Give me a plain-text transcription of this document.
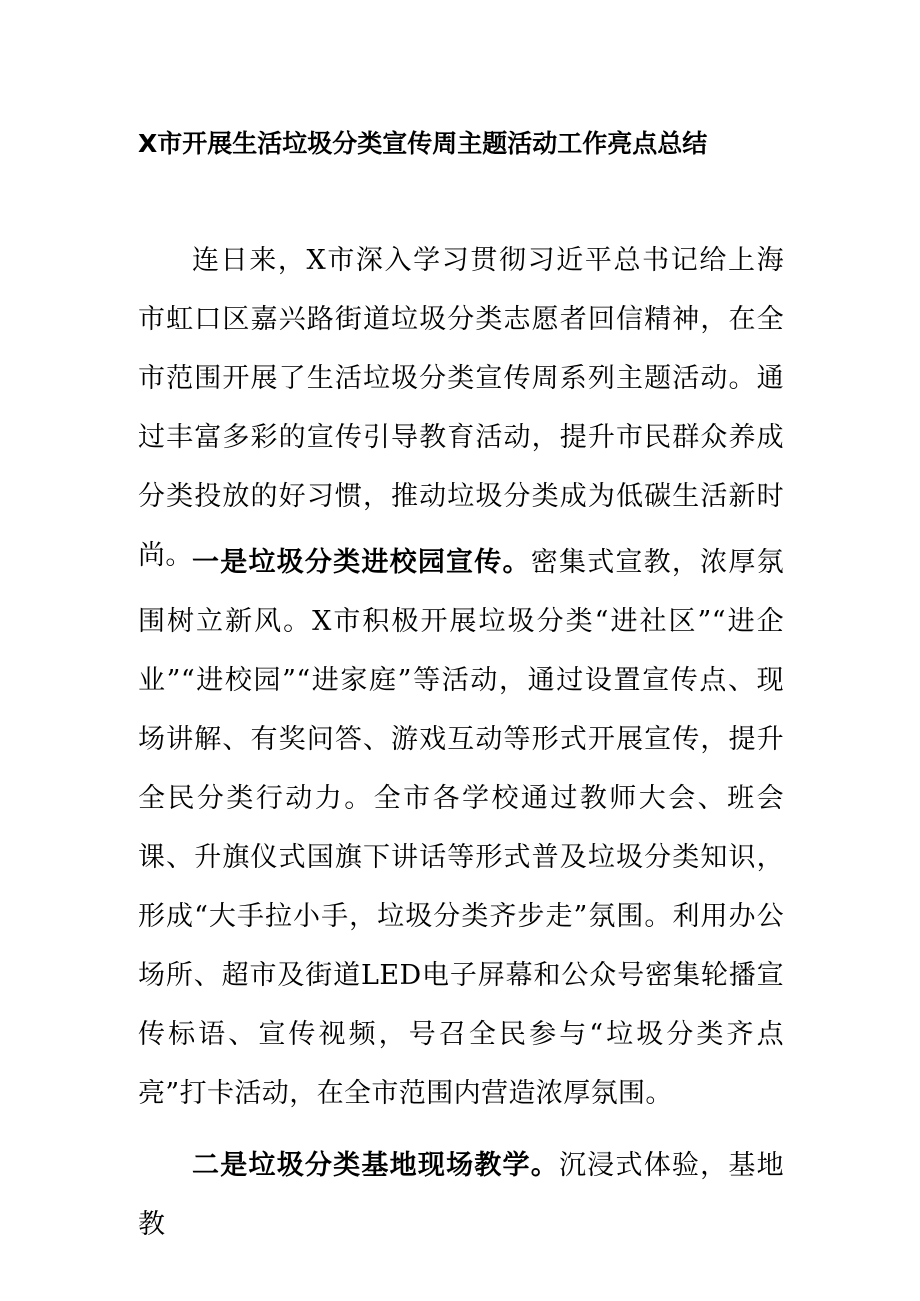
X市开展生活垃圾分类宣传周主题活动工作亮点总结

连日来，X市深入学习贯彻习近平总书记给上海市虹口区嘉兴路街道垃圾分类志愿者回信精神，在全市范围开展了生活垃圾分类宣传周系列主题活动。通过丰富多彩的宣传引导教育活动，提升市民群众养成分类投放的好习惯，推动垃圾分类成为低碳生活新时尚。 一是垃圾分类进校园宣传。密集式宣教，浓厚氛围树立新风。X市积极开展垃圾分类“进社区”“进企业”“进校园”“进家庭”等活动，通过设置宣传点、现场讲解、有奖问答、游戏互动等形式开展宣传，提升全民分类行动力。全市各学校通过教师大会、班会课、升旗仪式国旗下讲话等形式普及垃圾分类知识，形成“大手拉小手，垃圾分类齐步走”氛围。利用办公场所、超市及街道LED电子屏幕和公众号密集轮播宣传标语、宣传视频，号召全民参与“垃圾分类齐点亮”打卡活动，在全市范围内营造浓厚氛围。

二是垃圾分类基地现场教学。沉浸式体验，基地教
